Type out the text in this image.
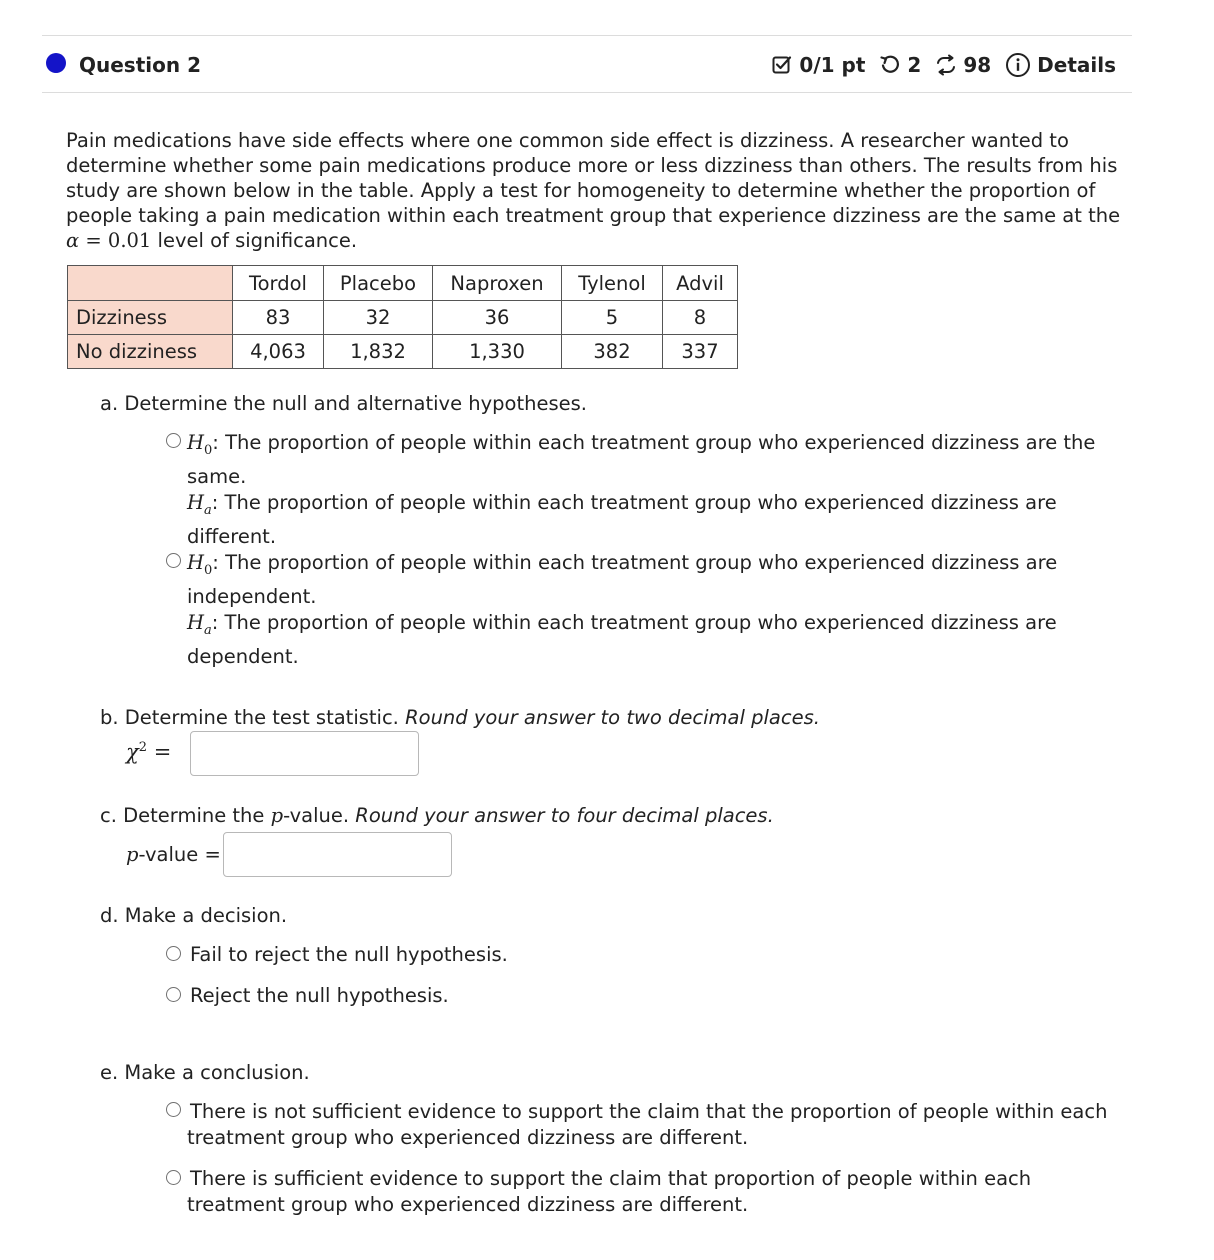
Question 2	0/1 pt 2 98 Details

Pain medications have side effects where one common side effect is dizziness. A researcher wanted to determine whether some pain medications produce more or less dizziness than others. The results from his study are shown below in the table. Apply a test for homogeneity to determine whether the proportion of people taking a pain medication within each treatment group that experience dizziness are the same at the
α = 0.01 level of significance.

	Tordol	Placebo	Naproxen	Tylenol	Advil
Dizziness	83	32	36	5	8
No dizziness	4,063	1,832	1,330	382	337
a. Determine the null and alternative hypotheses.

$H_0$: The proportion of people within each treatment group who experienced dizziness are the same.

$H_a$: The proportion of people within each treatment group who experienced dizziness are different.

$H_0$: The proportion of people within each treatment group who experienced dizziness are independent.

$H_a$: The proportion of people within each treatment group who experienced dizziness are dependent.

b. Determine the test statistic. Round your answer to two decimal places.
$\chi^2$ =
c. Determine the p-value. Round your answer to four decimal places.
p-value =
d. Make a decision.
Fail to reject the null hypothesis.
Reject the null hypothesis.
e. Make a conclusion.
There is not sufficient evidence to support the claim that the proportion of people within each treatment group who experienced dizziness are different.
There is sufficient evidence to support the claim that proportion of people within each treatment group who experienced dizziness are different.
